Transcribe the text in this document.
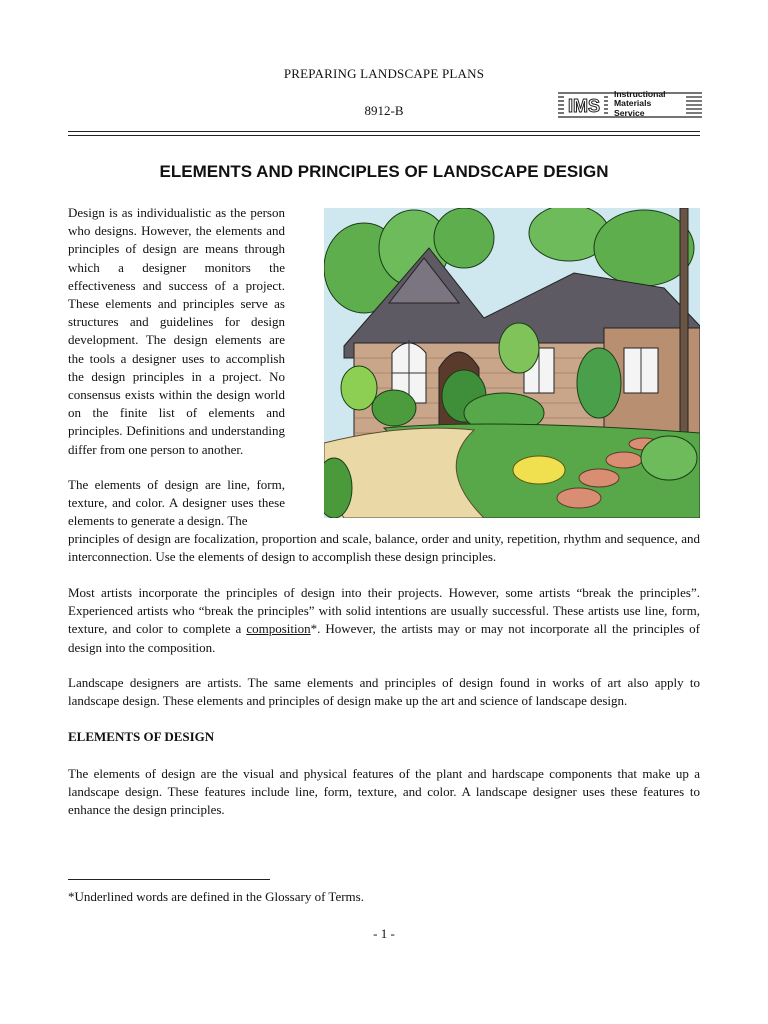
PREPARING LANDSCAPE PLANS
8912-B	IMS
Instructional
Materials
Service
ELEMENTS AND PRINCIPLES OF LANDSCAPE DESIGN
Design is as individualistic as the person who designs. However, the elements and principles of design are means through which a designer monitors the effectiveness and success of a project. These elements and principles serve as structures and guidelines for design development. The design elements are the tools a designer uses to accomplish the design principles in a project. No consensus exists within the design world on the finite list of elements and principles. Definitions and understanding differ from one person to another.
The elements of design are line, form, texture, and color. A designer uses these elements to generate a design. The
principles of design are focalization, proportion and scale, balance, order and unity, repetition, rhythm and sequence, and interconnection. Use the elements of design to accomplish these design principles.
Most artists incorporate the principles of design into their projects. However, some artists “break the principles”. Experienced artists who “break the principles” with solid intentions are usually successful. These artists use line, form, texture, and color to complete a composition*. However, the artists may or may not incorporate all the principles of design into the composition.
Landscape designers are artists. The same elements and principles of design found in works of art also apply to landscape design. These elements and principles of design make up the art and science of landscape design.
ELEMENTS OF DESIGN
The elements of design are the visual and physical features of the plant and hardscape components that make up a landscape design. These features include line, form, texture, and color. A landscape designer uses these features to enhance the design principles.
*Underlined words are defined in the Glossary of Terms.
- 1 -
